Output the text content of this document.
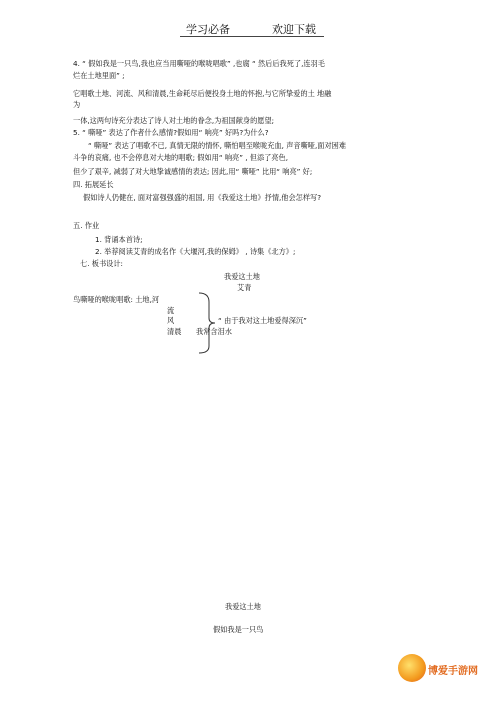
学习必备	欢迎下载
4. “ 假如我是一只鸟,我也应当用嘶哑的喉咙唱歌” ,也腐 “ 然后后我死了,连羽毛
烂在土地里面” ;
它唱歌土地、河流、风和清晨,生命耗尽后便投身土地的怀抱,与它所挚爱的土 地融
为
一体,这两句诗充分表达了诗人对土地的眷念,为祖国献身的愿望;
5. “ 嘶哑” 表达了作者什么感情?假如用“ 响亮” 好吗?为什么?
“ 嘶哑” 表达了唱歌不已, 真情无限的情怀, 嘶怕唱至喉咙充血, 声音嘶哑,面对困难
斗争的哀痛, 也不会停息对大地的唱歌; 假如用“ 响亮” , 但添了亮色,
但少了艰辛, 减弱了对大地挚诚感情的表达; 因此,用“ 嘶哑” 比用“ 响亮” 好;
四. 拓展延长
假如诗人仍健在, 面对富强强盛的祖国, 用《我爱这土地》抒情,他会怎样写?
五. 作业
1. 背诵本首诗;
2. 举荐阅读艾青的成名作《大堰河,我的保姆》 , 诗集《北方》;
七. 板书设计:
我爱这土地
艾青
鸟嘶哑的喉咙唱歌: 土地,河
流
风
清晨 我常含泪水
“ 由于我对这土地爱得深沉”
我爱这土地
假如我是一只鸟
博爱手游网
